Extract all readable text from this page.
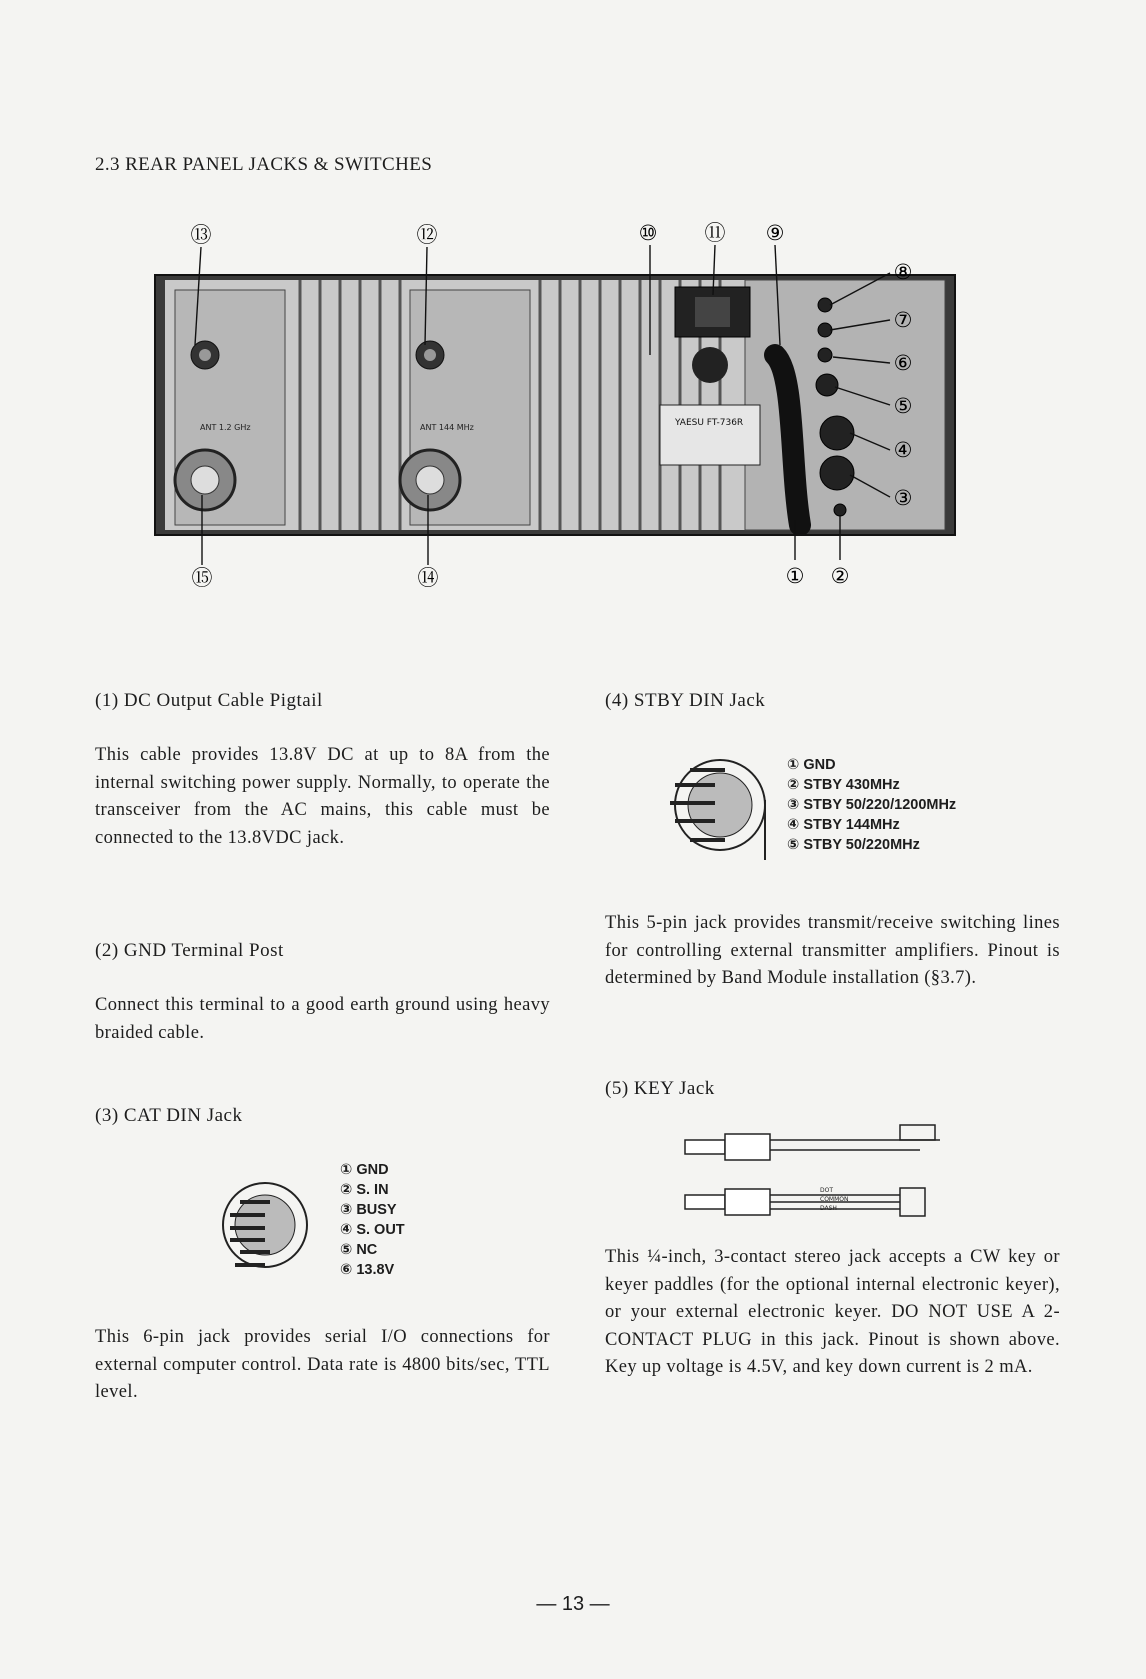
2.3 REAR PANEL JACKS & SWITCHES
ANT 1.2 GHz	ANT 144 MHz	YAESU FT-736R
⑬	⑫	⑩ ⑪ ⑨
⑧
⑦
⑥
⑤
④
③
① ②
⑮	⑭
(1) DC Output Cable Pigtail
This cable provides 13.8V DC at up to 8A from the internal switching power supply. Normally, to operate the transceiver from the AC mains, this cable must be connected to the 13.8VDC jack.
(2) GND Terminal Post
Connect this terminal to a good earth ground using heavy braided cable.
(3) CAT DIN Jack
① GND
② S. IN
③ BUSY
④ S. OUT
⑤ NC
⑥ 13.8V
This 6-pin jack provides serial I/O connections for external computer control. Data rate is 4800 bits/sec, TTL level.
(4) STBY DIN Jack
① GND
② STBY 430MHz
③ STBY 50/220/1200MHz
④ STBY 144MHz
⑤ STBY 50/220MHz
This 5-pin jack provides transmit/receive switching lines for controlling external transmitter amplifiers. Pinout is determined by Band Module installation (§3.7).
(5) KEY Jack
DOT
COMMON
DASH
This ¼-inch, 3-contact stereo jack accepts a CW key or keyer paddles (for the optional internal electronic keyer), or your external electronic keyer. DO NOT USE A 2-CONTACT PLUG in this jack. Pinout is shown above. Key up voltage is 4.5V, and key down current is 2 mA.
— 13 —
